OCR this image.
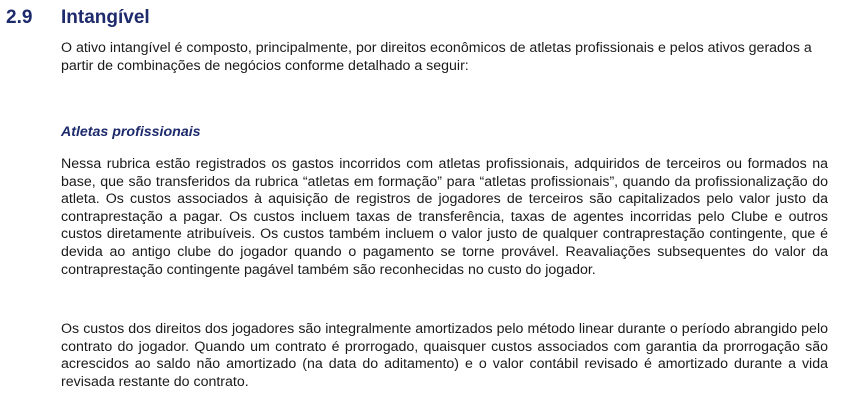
2.9	Intangível

O ativo intangível é composto, principalmente, por direitos econômicos de atletas profissionais e pelos ativos gerados a partir de combinações de negócios conforme detalhado a seguir:

Atletas profissionais

Nessa rubrica estão registrados os gastos incorridos com atletas profissionais, adquiridos de terceiros ou formados na base, que são transferidos da rubrica “atletas em formação” para “atletas profissionais”, quando da profissionalização do atleta. Os custos associados à aquisição de registros de jogadores de terceiros são capitalizados pelo valor justo da contraprestação a pagar. Os custos incluem taxas de transferência, taxas de agentes incorridas pelo Clube e outros custos diretamente atribuíveis. Os custos também incluem o valor justo de qualquer contraprestação contingente, que é devida ao antigo clube do jogador quando o pagamento se torne provável. Reavaliações subsequentes do valor da contraprestação contingente pagável também são reconhecidas no custo do jogador.

Os custos dos direitos dos jogadores são integralmente amortizados pelo método linear durante o período abrangido pelo contrato do jogador. Quando um contrato é prorrogado, quaisquer custos associados com garantia da prorrogação são acrescidos ao saldo não amortizado (na data do aditamento) e o valor contábil revisado é amortizado durante a vida revisada restante do contrato.
